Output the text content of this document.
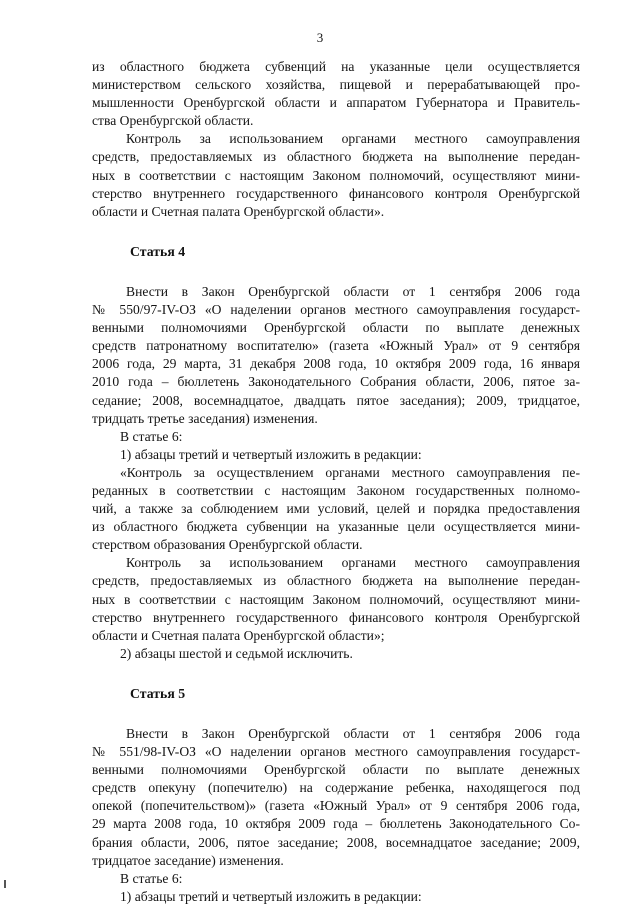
3

из областного бюджета субвенций на указанные цели осуществляется
министерством сельского хозяйства, пищевой и перерабатывающей про-
мышленности Оренбургской области и аппаратом Губернатора и Правитель-
ства Оренбургской области.

Контроль за использованием органами местного самоуправления
средств, предоставляемых из областного бюджета на выполнение передан-
ных в соответствии с настоящим Законом полномочий, осуществляют мини-
стерство внутреннего государственного финансового контроля Оренбургской
области и Счетная палата Оренбургской области».

Статья 4

Внести в Закон Оренбургской области от 1 сентября 2006 года
№ 550/97-IV-ОЗ «О наделении органов местного самоуправления государст-
венными полномочиями Оренбургской области по выплате денежных
средств патронатному воспитателю» (газета «Южный Урал» от 9 сентября
2006 года, 29 марта, 31 декабря 2008 года, 10 октября 2009 года, 16 января
2010 года – бюллетень Законодательного Собрания области, 2006, пятое за-
седание; 2008, восемнадцатое, двадцать пятое заседания); 2009, тридцатое,
тридцать третье заседания) изменения.

В статье 6:

1) абзацы третий и четвертый изложить в редакции:

«Контроль за осуществлением органами местного самоуправления пе-
реданных в соответствии с настоящим Законом государственных полномо-
чий, а также за соблюдением ими условий, целей и порядка предоставления
из областного бюджета субвенции на указанные цели осуществляется мини-
стерством образования Оренбургской области.

Контроль за использованием органами местного самоуправления
средств, предоставляемых из областного бюджета на выполнение передан-
ных в соответствии с настоящим Законом полномочий, осуществляют мини-
стерство внутреннего государственного финансового контроля Оренбургской
области и Счетная палата Оренбургской области»;

2) абзацы шестой и седьмой исключить.

Статья 5

Внести в Закон Оренбургской области от 1 сентября 2006 года
№ 551/98-IV-ОЗ «О наделении органов местного самоуправления государст-
венными полномочиями Оренбургской области по выплате денежных
средств опекуну (попечителю) на содержание ребенка, находящегося под
опекой (попечительством)» (газета «Южный Урал» от 9 сентября 2006 года,
29 марта 2008 года, 10 октября 2009 года – бюллетень Законодательного Со-
брания области, 2006, пятое заседание; 2008, восемнадцатое заседание; 2009,
тридцатое заседание) изменения.

В статье 6:

1) абзацы третий и четвертый изложить в редакции:
